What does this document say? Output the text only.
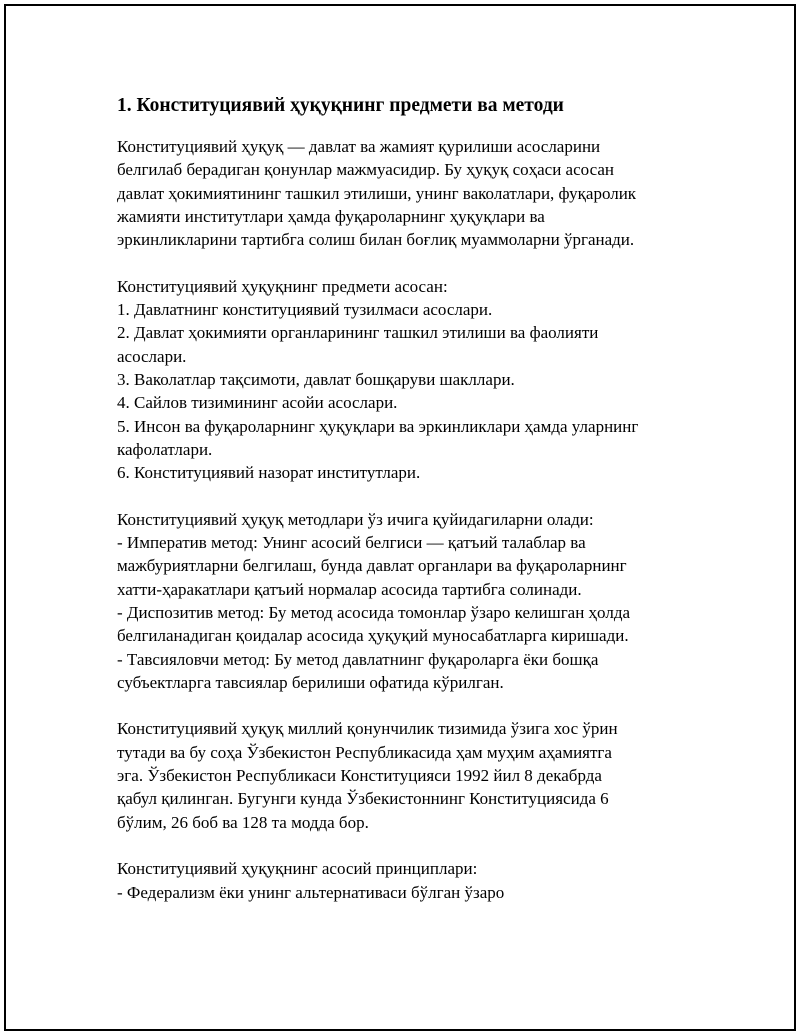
1. Конституциявий ҳуқуқнинг предмети ва методи
Конституциявий ҳуқуқ — давлат ва жамият қурилиши асосларини
белгилаб берадиган қонунлар мажмуасидир. Бу ҳуқуқ соҳаси асосан
давлат ҳокимиятининг ташкил этилиши, унинг ваколатлари, фуқаролик
жамияти институтлари ҳамда фуқароларнинг ҳуқуқлари ва
эркинликларини тартибга солиш билан боғлиқ муаммоларни ўрганади.
Конституциявий ҳуқуқнинг предмети асосан:
1. Давлатнинг конституциявий тузилмаси асослари.
2. Давлат ҳокимияти органларининг ташкил этилиши ва фаолияти
асослари.
3. Ваколатлар тақсимоти, давлат бошқаруви шакллари.
4. Сайлов тизимининг асойи асослари.
5. Инсон ва фуқароларнинг ҳуқуқлари ва эркинликлари ҳамда уларнинг
кафолатлари.
6. Конституциявий назорат институтлари.
Конституциявий ҳуқуқ методлари ўз ичига қуйидагиларни олади:
- Императив метод: Унинг асосий белгиси — қатъий талаблар ва
мажбуриятларни белгилаш, бунда давлат органлари ва фуқароларнинг
хатти-ҳаракатлари қатъий нормалар асосида тартибга солинади.
- Диспозитив метод: Бу метод асосида томонлар ўзаро келишган ҳолда
белгиланадиган қоидалар асосида ҳуқуқий муносабатларга киришади.
- Тавсияловчи метод: Бу метод давлатнинг фуқароларга ёки бошқа
субъектларга тавсиялар берилиши офатида кўрилган.
Конституциявий ҳуқуқ миллий қонунчилик тизимида ўзига хос ўрин
тутади ва бу соҳа Ўзбекистон Республикасида ҳам муҳим аҳамиятга
эга. Ўзбекистон Республикаси Конституцияси 1992 йил 8 декабрда
қабул қилинган. Бугунги кунда Ўзбекистоннинг Конституциясида 6
бўлим, 26 боб ва 128 та модда бор.
Конституциявий ҳуқуқнинг асосий принциплари:
- Федерализм ёки унинг альтернативаси бўлган ўзаро
